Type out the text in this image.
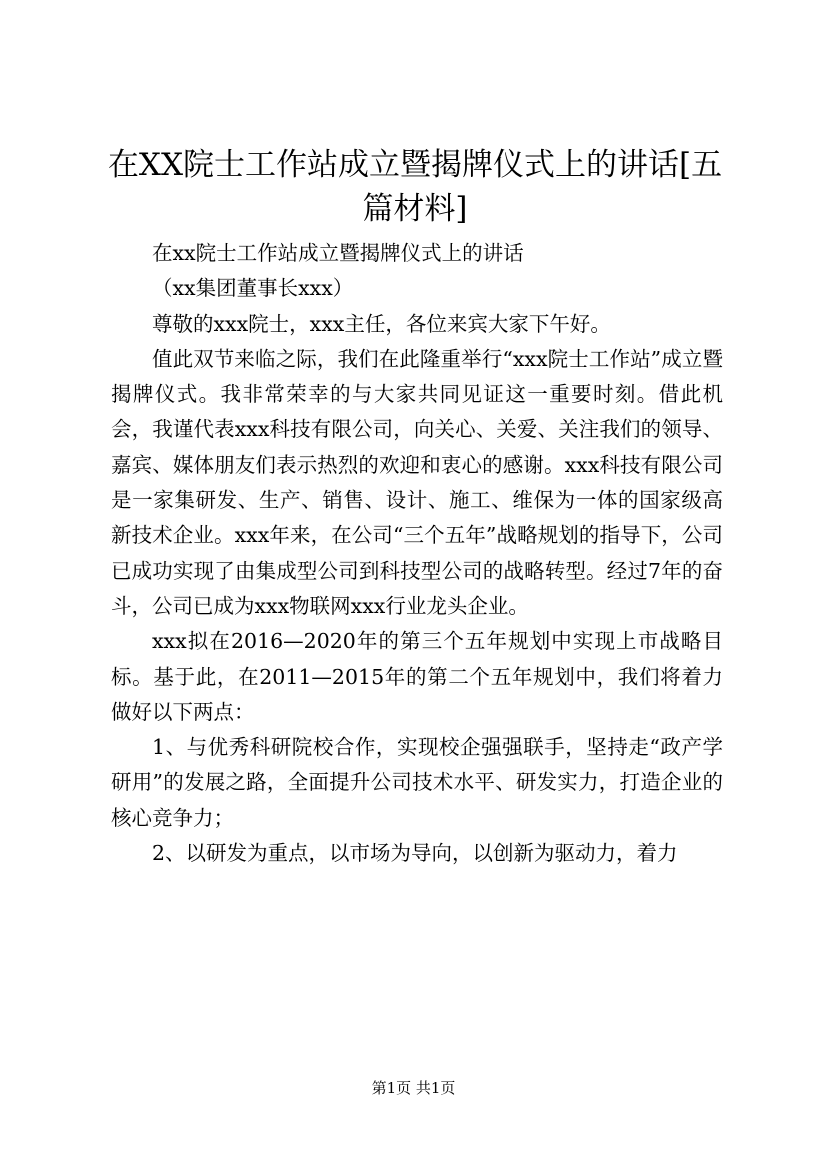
在XX院士工作站成立暨揭牌仪式上的讲话[五篇材料]

在xx院士工作站成立暨揭牌仪式上的讲话

（xx集团董事长xxx）

尊敬的xxx院士，xxx主任，各位来宾大家下午好。

值此双节来临之际，我们在此隆重举行“xxx院士工作站”成立暨揭牌仪式。我非常荣幸的与大家共同见证这一重要时刻。借此机会，我谨代表xxx科技有限公司，向关心、关爱、关注我们的领导、嘉宾、媒体朋友们表示热烈的欢迎和衷心的感谢。xxx科技有限公司是一家集研发、生产、销售、设计、施工、维保为一体的国家级高新技术企业。xxx年来，在公司“三个五年”战略规划的指导下，公司已成功实现了由集成型公司到科技型公司的战略转型。经过7年的奋斗，公司已成为xxx物联网xxx行业龙头企业。

xxx拟在2016—2020年的第三个五年规划中实现上市战略目标。基于此，在2011—2015年的第二个五年规划中，我们将着力做好以下两点：

1、与优秀科研院校合作，实现校企强强联手，坚持走“政产学研用”的发展之路，全面提升公司技术水平、研发实力，打造企业的核心竞争力；

2、以研发为重点，以市场为导向，以创新为驱动力，着力

第1页 共1页
